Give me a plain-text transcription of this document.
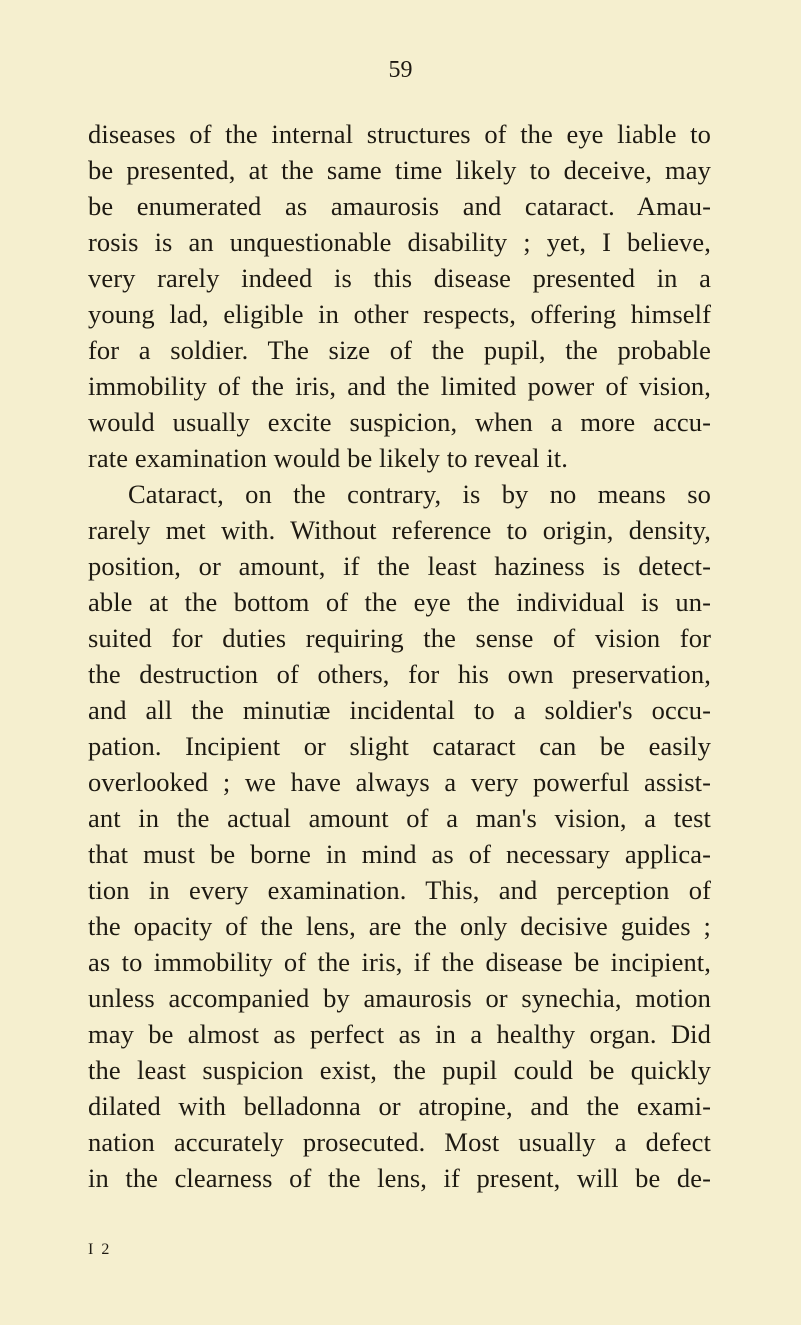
59
diseases of the internal structures of the eye liable to
be presented, at the same time likely to deceive, may
be enumerated as amaurosis and cataract. Amau-
rosis is an unquestionable disability ; yet, I believe,
very rarely indeed is this disease presented in a
young lad, eligible in other respects, offering himself
for a soldier. The size of the pupil, the probable
immobility of the iris, and the limited power of vision,
would usually excite suspicion, when a more accu-
rate examination would be likely to reveal it.
Cataract, on the contrary, is by no means so
rarely met with. Without reference to origin, density,
position, or amount, if the least haziness is detect-
able at the bottom of the eye the individual is un-
suited for duties requiring the sense of vision for
the destruction of others, for his own preservation,
and all the minutiæ incidental to a soldier's occu-
pation. Incipient or slight cataract can be easily
overlooked ; we have always a very powerful assist-
ant in the actual amount of a man's vision, a test
that must be borne in mind as of necessary applica-
tion in every examination. This, and perception of
the opacity of the lens, are the only decisive guides ;
as to immobility of the iris, if the disease be incipient,
unless accompanied by amaurosis or synechia, motion
may be almost as perfect as in a healthy organ. Did
the least suspicion exist, the pupil could be quickly
dilated with belladonna or atropine, and the exami-
nation accurately prosecuted. Most usually a defect
in the clearness of the lens, if present, will be de-
I 2
